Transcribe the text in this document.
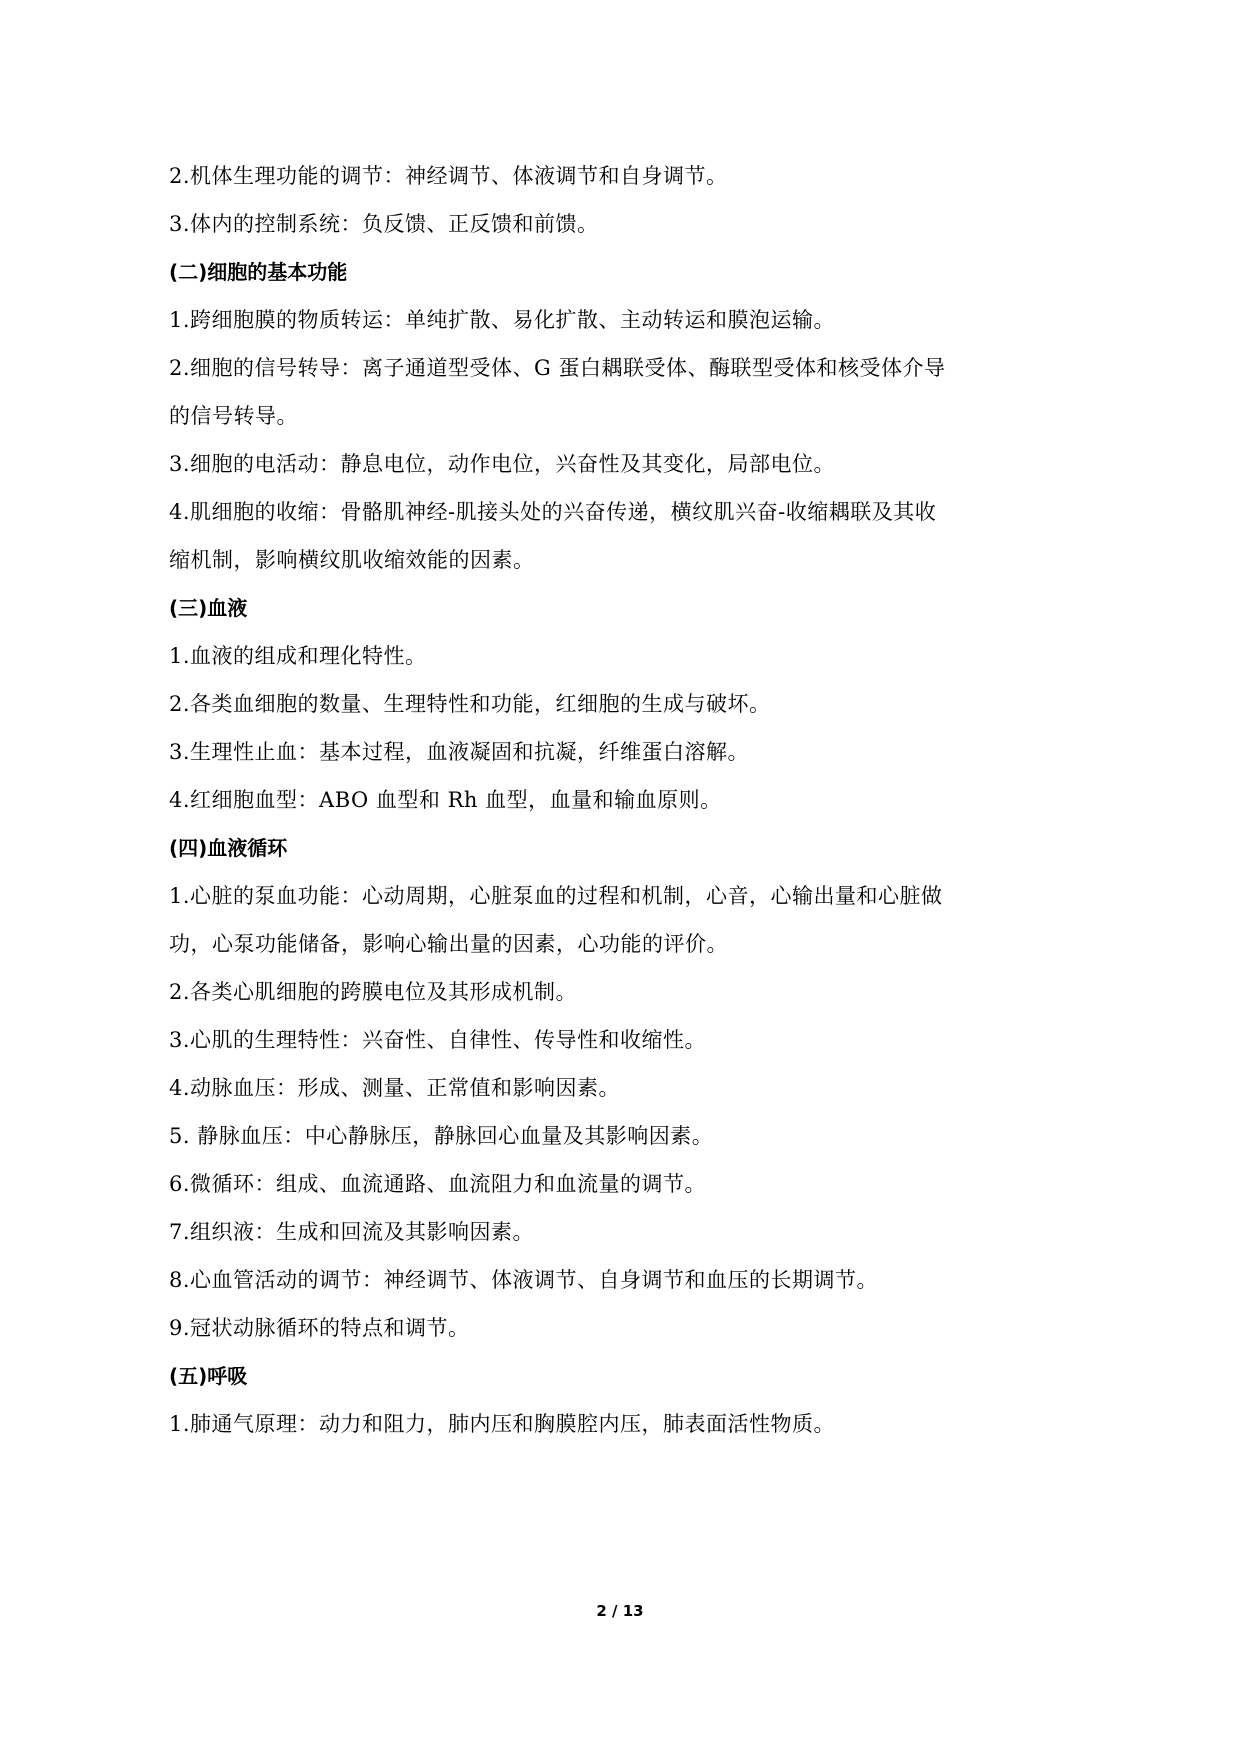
2.机体生理功能的调节：神经调节、体液调节和自身调节。
3.体内的控制系统：负反馈、正反馈和前馈。
(二)细胞的基本功能
1.跨细胞膜的物质转运：单纯扩散、易化扩散、主动转运和膜泡运输。
2.细胞的信号转导：离子通道型受体、G 蛋白耦联受体、酶联型受体和核受体介导
的信号转导。
3.细胞的电活动：静息电位，动作电位，兴奋性及其变化，局部电位。
4.肌细胞的收缩：骨骼肌神经-肌接头处的兴奋传递，横纹肌兴奋-收缩耦联及其收
缩机制，影响横纹肌收缩效能的因素。
(三)血液
1.血液的组成和理化特性。
2.各类血细胞的数量、生理特性和功能，红细胞的生成与破坏。
3.生理性止血：基本过程，血液凝固和抗凝，纤维蛋白溶解。
4.红细胞血型：ABO 血型和 Rh 血型，血量和输血原则。
(四)血液循环
1.心脏的泵血功能：心动周期，心脏泵血的过程和机制，心音，心输出量和心脏做
功，心泵功能储备，影响心输出量的因素，心功能的评价。
2.各类心肌细胞的跨膜电位及其形成机制。
3.心肌的生理特性：兴奋性、自律性、传导性和收缩性。
4.动脉血压：形成、测量、正常值和影响因素。
5. 静脉血压：中心静脉压，静脉回心血量及其影响因素。
6.微循环：组成、血流通路、血流阻力和血流量的调节。
7.组织液：生成和回流及其影响因素。
8.心血管活动的调节：神经调节、体液调节、自身调节和血压的长期调节。
9.冠状动脉循环的特点和调节。
(五)呼吸
1.肺通气原理：动力和阻力，肺内压和胸膜腔内压，肺表面活性物质。
2 / 13
